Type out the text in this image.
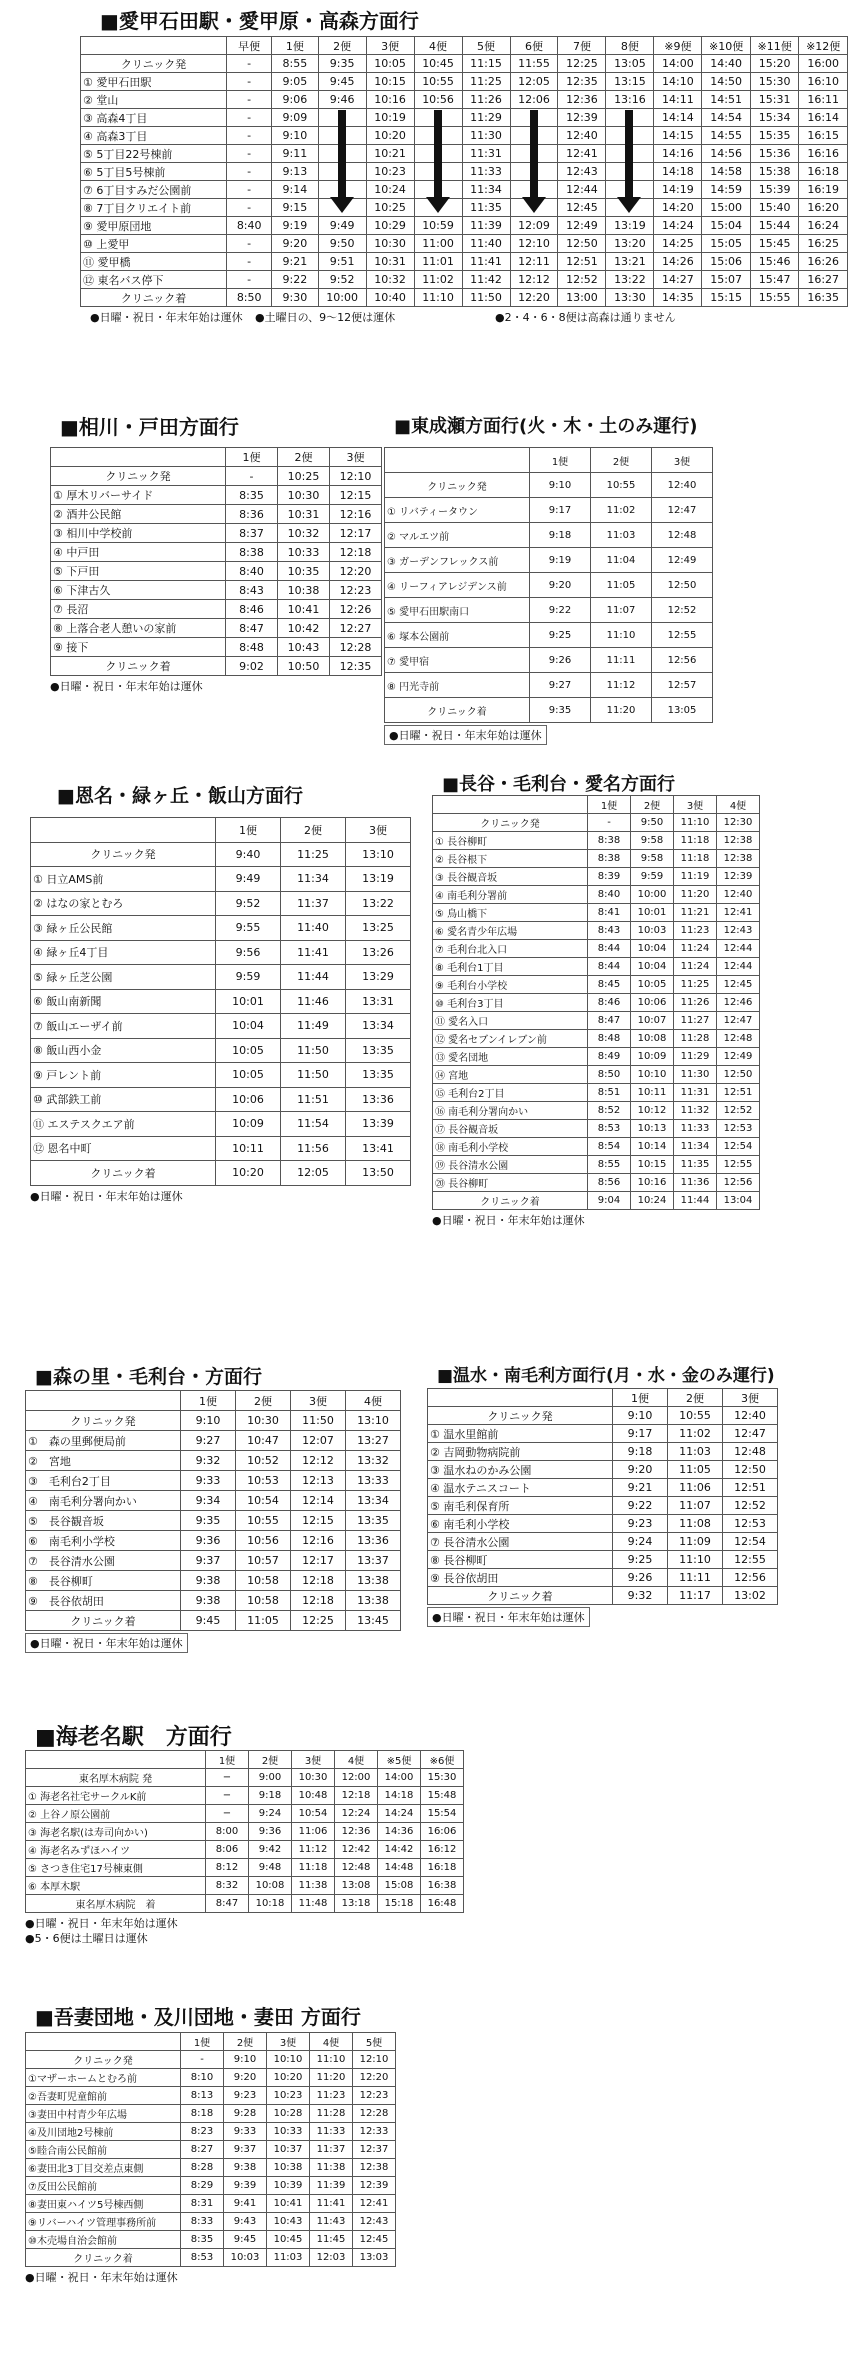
■愛甲石田駅・愛甲原・高森方面行
	早便	1便	2便	3便	4便	5便	6便	7便	8便	※9便	※10便	※11便	※12便
クリニック発	-	8:55	9:35	10:05	10:45	11:15	11:55	12:25	13:05	14:00	14:40	15:20	16:00
① 愛甲石田駅	-	9:05	9:45	10:15	10:55	11:25	12:05	12:35	13:15	14:10	14:50	15:30	16:10
② 堂山	-	9:06	9:46	10:16	10:56	11:26	12:06	12:36	13:16	14:11	14:51	15:31	16:11
③ 高森4丁目	-	9:09		10:19		11:29		12:39		14:14	14:54	15:34	16:14
④ 高森3丁目	-	9:10		10:20		11:30		12:40		14:15	14:55	15:35	16:15
⑤ 5丁目22号棟前	-	9:11		10:21		11:31		12:41		14:16	14:56	15:36	16:16
⑥ 5丁目5号棟前	-	9:13		10:23		11:33		12:43		14:18	14:58	15:38	16:18
⑦ 6丁目すみだ公園前	-	9:14		10:24		11:34		12:44		14:19	14:59	15:39	16:19
⑧ 7丁目クリエイト前	-	9:15		10:25		11:35		12:45		14:20	15:00	15:40	16:20
⑨ 愛甲原団地	8:40	9:19	9:49	10:29	10:59	11:39	12:09	12:49	13:19	14:24	15:04	15:44	16:24
⑩ 上愛甲	-	9:20	9:50	10:30	11:00	11:40	12:10	12:50	13:20	14:25	15:05	15:45	16:25
⑪ 愛甲橋	-	9:21	9:51	10:31	11:01	11:41	12:11	12:51	13:21	14:26	15:06	15:46	16:26
⑫ 東名バス停下	-	9:22	9:52	10:32	11:02	11:42	12:12	12:52	13:22	14:27	15:07	15:47	16:27
クリニック着	8:50	9:30	10:00	10:40	11:10	11:50	12:20	13:00	13:30	14:35	15:15	15:55	16:35
●日曜・祝日・年末年始は運休 ●土曜日の、9～12便は運休	●2・4・6・8便は高森は通りません
■相川・戸田方面行
	1便	2便	3便
クリニック発	-	10:25	12:10
① 厚木リバーサイド	8:35	10:30	12:15
② 酒井公民館	8:36	10:31	12:16
③ 相川中学校前	8:37	10:32	12:17
④ 中戸田	8:38	10:33	12:18
⑤ 下戸田	8:40	10:35	12:20
⑥ 下津古久	8:43	10:38	12:23
⑦ 長沼	8:46	10:41	12:26
⑧ 上落合老人憩いの家前	8:47	10:42	12:27
⑨ 接下	8:48	10:43	12:28
クリニック着	9:02	10:50	12:35
●日曜・祝日・年末年始は運休
■東成瀬方面行(火・木・土のみ運行)
	1便	2便	3便
クリニック発	9:10	10:55	12:40
① リバティータウン	9:17	11:02	12:47
② マルエツ前	9:18	11:03	12:48
③ ガーデンフレックス前	9:19	11:04	12:49
④ リーフィアレジデンス前	9:20	11:05	12:50
⑤ 愛甲石田駅南口	9:22	11:07	12:52
⑥ 塚本公園前	9:25	11:10	12:55
⑦ 愛甲宿	9:26	11:11	12:56
⑧ 円光寺前	9:27	11:12	12:57
クリニック着	9:35	11:20	13:05
●日曜・祝日・年末年始は運休
■恩名・緑ヶ丘・飯山方面行
	1便	2便	3便
クリニック発	9:40	11:25	13:10
① 日立AMS前	9:49	11:34	13:19
② はなの家とむろ	9:52	11:37	13:22
③ 緑ヶ丘公民館	9:55	11:40	13:25
④ 緑ヶ丘4丁目	9:56	11:41	13:26
⑤ 緑ヶ丘芝公園	9:59	11:44	13:29
⑥ 飯山南新聞	10:01	11:46	13:31
⑦ 飯山エーザイ前	10:04	11:49	13:34
⑧ 飯山西小金	10:05	11:50	13:35
⑨ 戸レント前	10:05	11:50	13:35
⑩ 武部鉄工前	10:06	11:51	13:36
⑪ エステスクエア前	10:09	11:54	13:39
⑫ 恩名中町	10:11	11:56	13:41
クリニック着	10:20	12:05	13:50
●日曜・祝日・年末年始は運休
■長谷・毛利台・愛名方面行
	1便	2便	3便	4便
クリニック発	-	9:50	11:10	12:30
① 長谷柳町	8:38	9:58	11:18	12:38
② 長谷根下	8:38	9:58	11:18	12:38
③ 長谷観音坂	8:39	9:59	11:19	12:39
④ 南毛利分署前	8:40	10:00	11:20	12:40
⑤ 鳥山橋下	8:41	10:01	11:21	12:41
⑥ 愛名青少年広場	8:43	10:03	11:23	12:43
⑦ 毛利台北入口	8:44	10:04	11:24	12:44
⑧ 毛利台1丁目	8:44	10:04	11:24	12:44
⑨ 毛利台小学校	8:45	10:05	11:25	12:45
⑩ 毛利台3丁目	8:46	10:06	11:26	12:46
⑪ 愛名入口	8:47	10:07	11:27	12:47
⑫ 愛名セブンイレブン前	8:48	10:08	11:28	12:48
⑬ 愛名団地	8:49	10:09	11:29	12:49
⑭ 宮地	8:50	10:10	11:30	12:50
⑮ 毛利台2丁目	8:51	10:11	11:31	12:51
⑯ 南毛利分署向かい	8:52	10:12	11:32	12:52
⑰ 長谷観音坂	8:53	10:13	11:33	12:53
⑱ 南毛利小学校	8:54	10:14	11:34	12:54
⑲ 長谷清水公園	8:55	10:15	11:35	12:55
⑳ 長谷柳町	8:56	10:16	11:36	12:56
クリニック着	9:04	10:24	11:44	13:04
●日曜・祝日・年末年始は運休
■森の里・毛利台・方面行
	1便	2便	3便	4便
クリニック発	9:10	10:30	11:50	13:10
①　森の里郵便局前	9:27	10:47	12:07	13:27
②　宮地	9:32	10:52	12:12	13:32
③　毛利台2丁目	9:33	10:53	12:13	13:33
④　南毛利分署向かい	9:34	10:54	12:14	13:34
⑤　長谷観音坂	9:35	10:55	12:15	13:35
⑥　南毛利小学校	9:36	10:56	12:16	13:36
⑦　長谷清水公園	9:37	10:57	12:17	13:37
⑧　長谷柳町	9:38	10:58	12:18	13:38
⑨　長谷依胡田	9:38	10:58	12:18	13:38
クリニック着	9:45	11:05	12:25	13:45
●日曜・祝日・年末年始は運休
■温水・南毛利方面行(月・水・金のみ運行)
	1便	2便	3便
クリニック発	9:10	10:55	12:40
① 温水里館前	9:17	11:02	12:47
② 吉岡動物病院前	9:18	11:03	12:48
③ 温水ねのかみ公園	9:20	11:05	12:50
④ 温水テニスコート	9:21	11:06	12:51
⑤ 南毛利保育所	9:22	11:07	12:52
⑥ 南毛利小学校	9:23	11:08	12:53
⑦ 長谷清水公園	9:24	11:09	12:54
⑧ 長谷柳町	9:25	11:10	12:55
⑨ 長谷依胡田	9:26	11:11	12:56
クリニック着	9:32	11:17	13:02
●日曜・祝日・年末年始は運休
■海老名駅　方面行
	1便	2便	3便	4便	※5便	※6便
東名厚木病院 発	−	9:00	10:30	12:00	14:00	15:30
① 海老名社宅サークルK前	−	9:18	10:48	12:18	14:18	15:48
② 上谷ノ原公園前	−	9:24	10:54	12:24	14:24	15:54
③ 海老名駅(は寿司向かい)	8:00	9:36	11:06	12:36	14:36	16:06
④ 海老名みずほハイツ	8:06	9:42	11:12	12:42	14:42	16:12
⑤ さつき住宅17号棟東側	8:12	9:48	11:18	12:48	14:48	16:18
⑥ 本厚木駅	8:32	10:08	11:38	13:08	15:08	16:38
東名厚木病院　着	8:47	10:18	11:48	13:18	15:18	16:48
●日曜・祝日・年末年始は運休
●5・6便は土曜日は運休
■吾妻団地・及川団地・妻田 方面行
	1便	2便	3便	4便	5便
クリニック発	-	9:10	10:10	11:10	12:10
①マザーホームとむろ前	8:10	9:20	10:20	11:20	12:20
②吾妻町児童館前	8:13	9:23	10:23	11:23	12:23
③妻田中村青少年広場	8:18	9:28	10:28	11:28	12:28
④及川団地2号棟前	8:23	9:33	10:33	11:33	12:33
⑤睦合南公民館前	8:27	9:37	10:37	11:37	12:37
⑥妻田北3丁目交差点東側	8:28	9:38	10:38	11:38	12:38
⑦反田公民館前	8:29	9:39	10:39	11:39	12:39
⑧妻田東ハイツ5号棟西側	8:31	9:41	10:41	11:41	12:41
⑨リバーハイツ管理事務所前	8:33	9:43	10:43	11:43	12:43
⑩木売場自治会館前	8:35	9:45	10:45	11:45	12:45
クリニック着	8:53	10:03	11:03	12:03	13:03
●日曜・祝日・年末年始は運休
